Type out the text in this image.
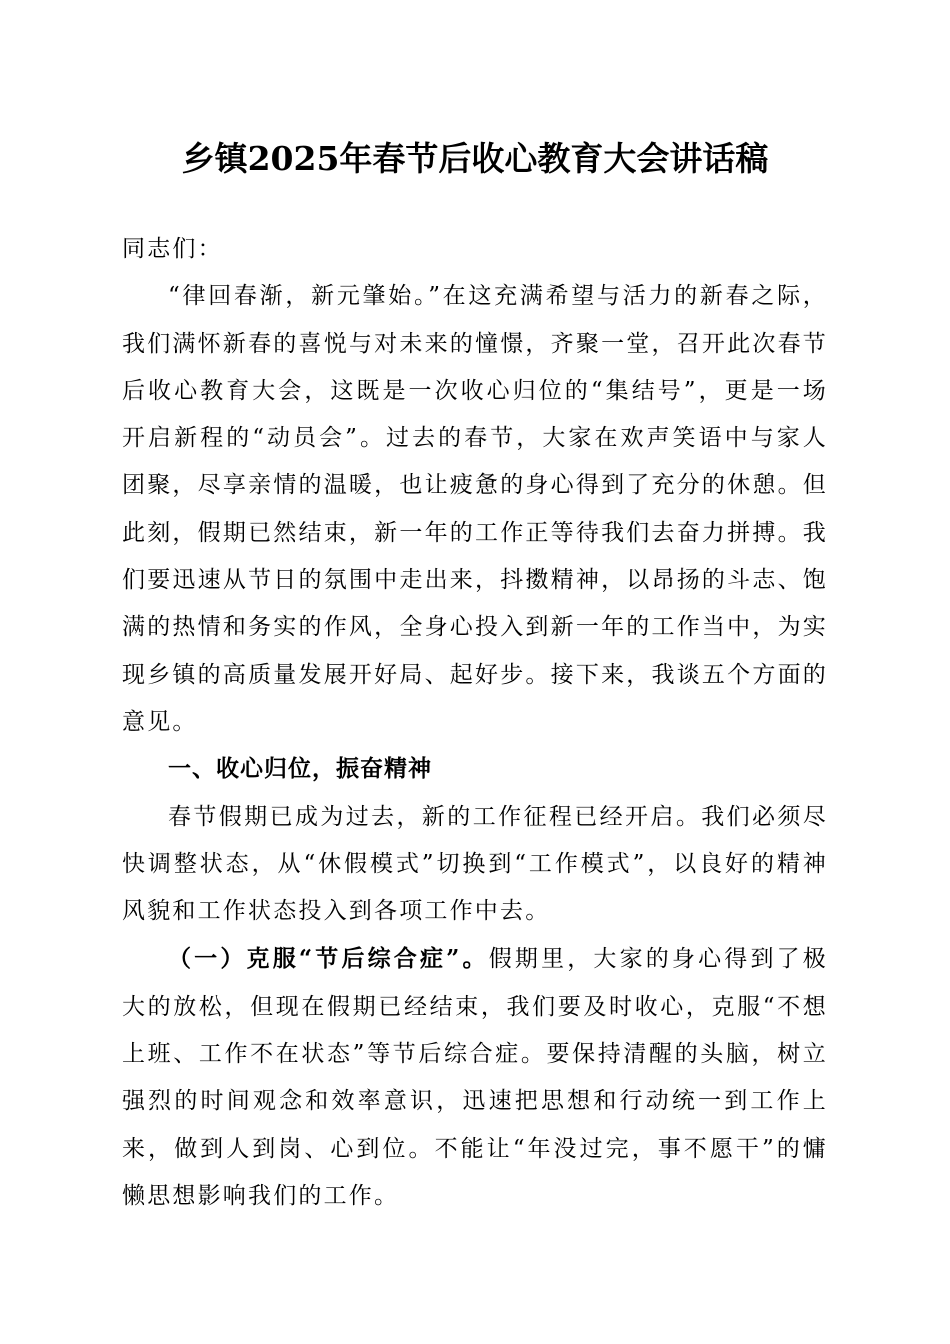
乡镇2025年春节后收心教育大会讲话稿

同志们：

“律回春渐，新元肇始。”在这充满希望与活力的新春之际，我们满怀新春的喜悦与对未来的憧憬，齐聚一堂，召开此次春节后收心教育大会，这既是一次收心归位的“集结号”，更是一场开启新程的“动员会”。过去的春节，大家在欢声笑语中与家人团聚，尽享亲情的温暖，也让疲惫的身心得到了充分的休憩。但此刻，假期已然结束，新一年的工作正等待我们去奋力拼搏。我们要迅速从节日的氛围中走出来，抖擞精神，以昂扬的斗志、饱满的热情和务实的作风，全身心投入到新一年的工作当中，为实现乡镇的高质量发展开好局、起好步。接下来，我谈五个方面的意见。

一、收心归位，振奋精神

春节假期已成为过去，新的工作征程已经开启。我们必须尽快调整状态，从“休假模式”切换到“工作模式”，以良好的精神风貌和工作状态投入到各项工作中去。

（一）克服“节后综合症”。假期里，大家的身心得到了极大的放松，但现在假期已经结束，我们要及时收心，克服“不想上班、工作不在状态”等节后综合症。要保持清醒的头脑，树立强烈的时间观念和效率意识，迅速把思想和行动统一到工作上来，做到人到岗、心到位。不能让“年没过完，事不愿干”的慵懒思想影响我们的工作。
